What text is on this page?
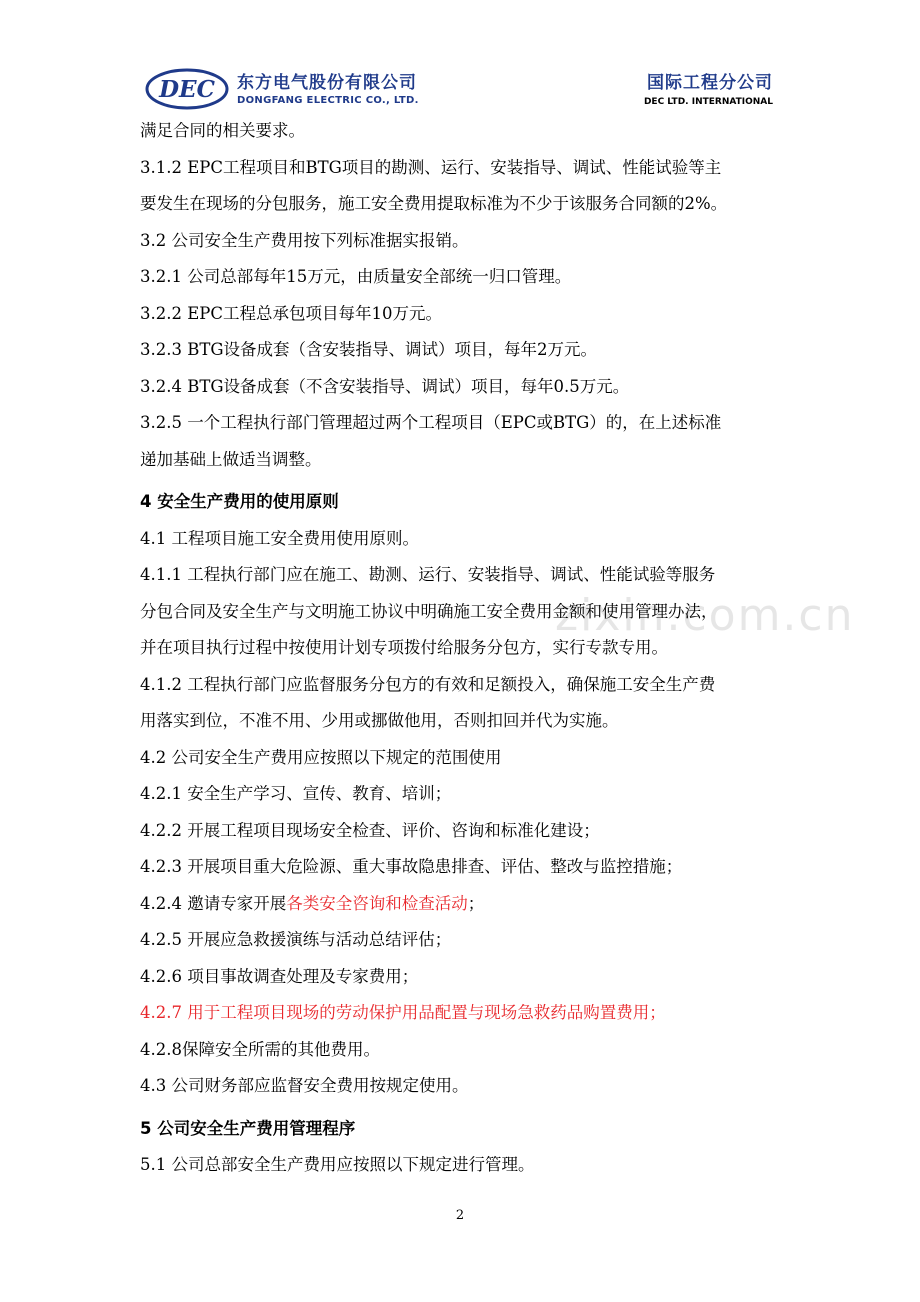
DEC 东方电气股份有限公司
DONGFANG ELECTRIC CO., LTD.
国际工程分公司
DEC LTD. INTERNATIONAL
zixin.com.cn
满足合同的相关要求。
3.1.2 EPC工程项目和BTG项目的勘测、运行、安装指导、调试、性能试验等主
要发生在现场的分包服务，施工安全费用提取标准为不少于该服务合同额的2%。
3.2 公司安全生产费用按下列标准据实报销。
3.2.1 公司总部每年15万元，由质量安全部统一归口管理。
3.2.2 EPC工程总承包项目每年10万元。
3.2.3 BTG设备成套（含安装指导、调试）项目，每年2万元。
3.2.4 BTG设备成套（不含安装指导、调试）项目，每年0.5万元。
3.2.5 一个工程执行部门管理超过两个工程项目（EPC或BTG）的，在上述标准
递加基础上做适当调整。
4 安全生产费用的使用原则
4.1 工程项目施工安全费用使用原则。
4.1.1 工程执行部门应在施工、勘测、运行、安装指导、调试、性能试验等服务
分包合同及安全生产与文明施工协议中明确施工安全费用金额和使用管理办法，
并在项目执行过程中按使用计划专项拨付给服务分包方，实行专款专用。
4.1.2 工程执行部门应监督服务分包方的有效和足额投入，确保施工安全生产费
用落实到位，不准不用、少用或挪做他用，否则扣回并代为实施。
4.2 公司安全生产费用应按照以下规定的范围使用
4.2.1 安全生产学习、宣传、教育、培训；
4.2.2 开展工程项目现场安全检查、评价、咨询和标准化建设；
4.2.3 开展项目重大危险源、重大事故隐患排查、评估、整改与监控措施；
4.2.4 邀请专家开展各类安全咨询和检查活动；
4.2.5 开展应急救援演练与活动总结评估；
4.2.6 项目事故调查处理及专家费用；
4.2.7 用于工程项目现场的劳动保护用品配置与现场急救药品购置费用；
4.2.8保障安全所需的其他费用。
4.3 公司财务部应监督安全费用按规定使用。
5 公司安全生产费用管理程序
5.1 公司总部安全生产费用应按照以下规定进行管理。
2
